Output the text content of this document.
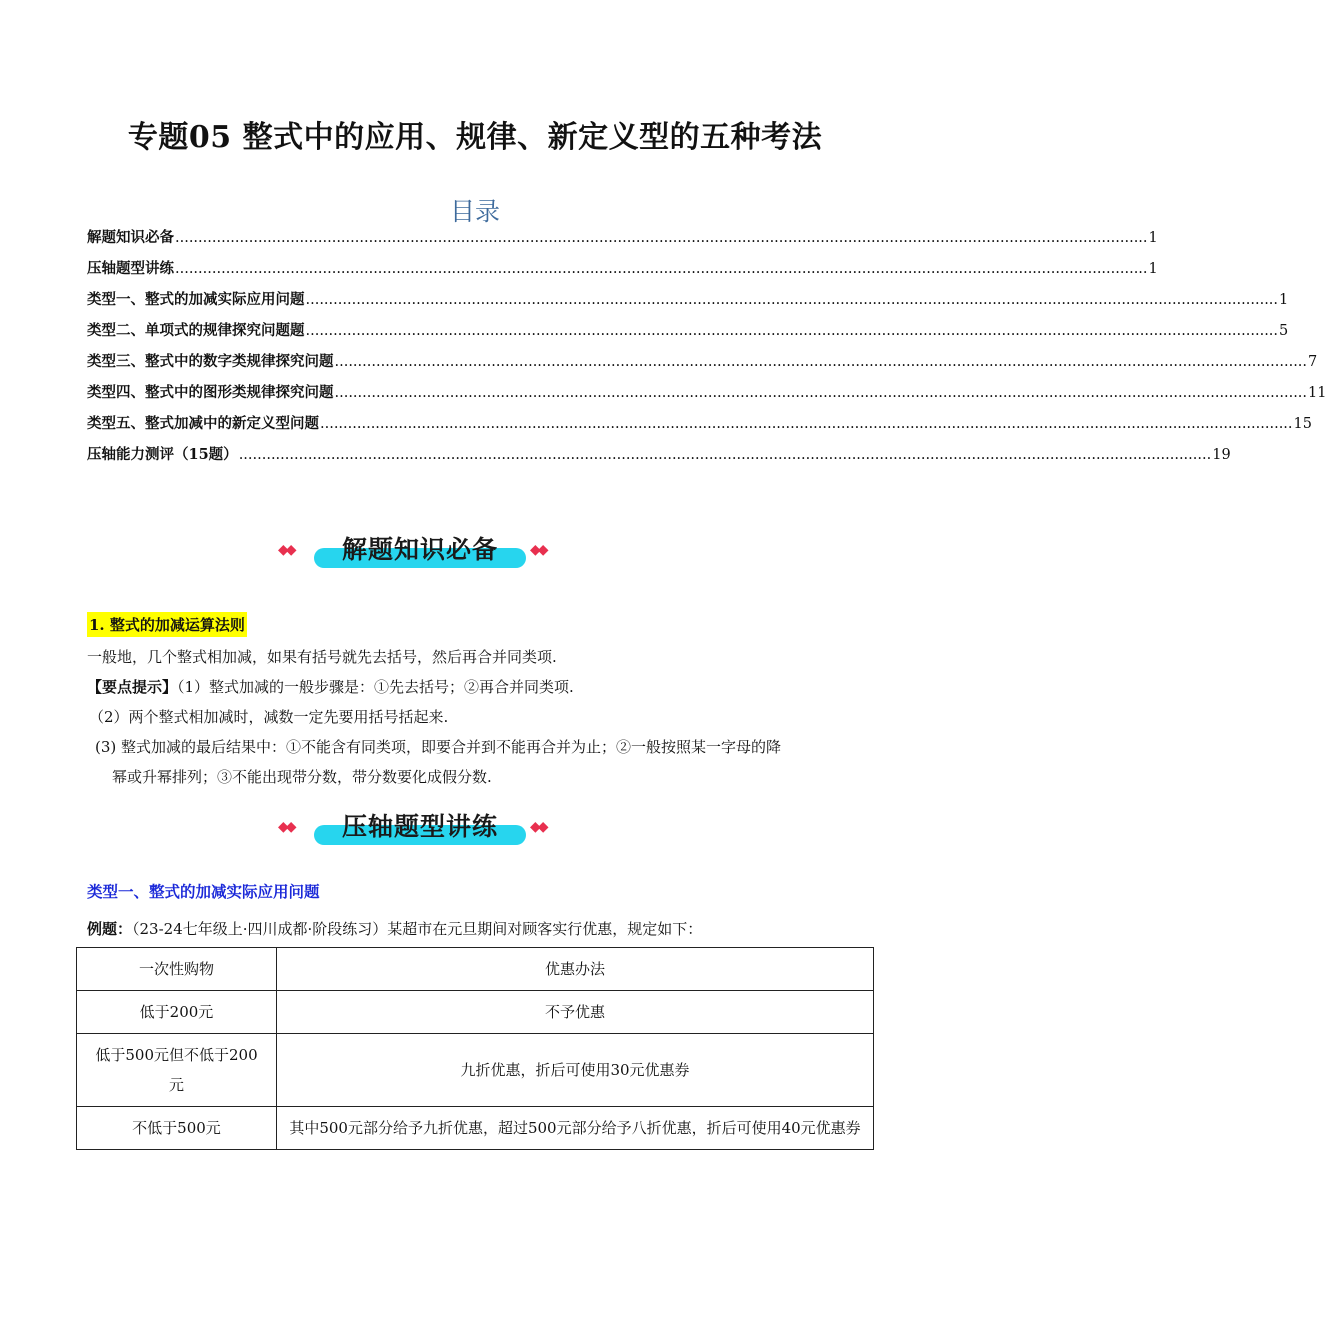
专题05 整式中的应用、规律、新定义型的五种考法
目录
解题知识必备 ................................................................................................................................................................................................................... 1
压轴题型讲练 ................................................................................................................................................................................................................... 1
类型一、整式的加减实际应用问题 ................................................................................................................................................................................................................... 1
类型二、单项式的规律探究问题题 ................................................................................................................................................................................................................... 5
类型三、整式中的数字类规律探究问题 ................................................................................................................................................................................................................... 7
类型四、整式中的图形类规律探究问题 ................................................................................................................................................................................................................... 11
类型五、整式加减中的新定义型问题 ................................................................................................................................................................................................................... 15
压轴能力测评（15题） ................................................................................................................................................................................................................... 19
◆◆	解题知识必备	◆◆
1. 整式的加减运算法则
一般地，几个整式相加减，如果有括号就先去括号，然后再合并同类项.
【要点提示】（1）整式加减的一般步骤是：①先去括号；②再合并同类项.
（2）两个整式相加减时，减数一定先要用括号括起来.
(3) 整式加减的最后结果中：①不能含有同类项，即要合并到不能再合并为止；②一般按照某一字母的降
幂或升幂排列；③不能出现带分数，带分数要化成假分数.
◆◆	压轴题型讲练	◆◆
类型一、整式的加减实际应用问题
例题：（23-24七年级上·四川成都·阶段练习）某超市在元旦期间对顾客实行优惠，规定如下：
一次性购物	优惠办法
低于200元	不予优惠
低于500元但不低于200元	九折优惠，折后可使用30元优惠券
不低于500元	其中500元部分给予九折优惠，超过500元部分给予八折优惠，折后可使用40元优惠券
